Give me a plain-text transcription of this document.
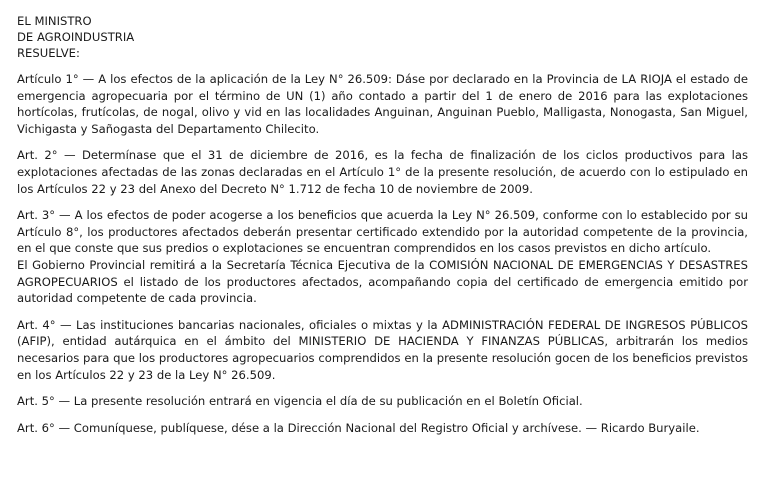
EL MINISTRO

DE AGROINDUSTRIA

RESUELVE:

Artículo 1° — A los efectos de la aplicación de la Ley N° 26.509: Dáse por declarado en la Provincia de LA RIOJA el estado de emergencia agropecuaria por el término de UN (1) año contado a partir del 1 de enero de 2016 para las explotaciones hortícolas, frutícolas, de nogal, olivo y vid en las localidades Anguinan, Anguinan Pueblo, Malligasta, Nonogasta, San Miguel, Vichigasta y Sañogasta del Departamento Chilecito.

Art. 2° — Determínase que el 31 de diciembre de 2016, es la fecha de finalización de los ciclos productivos para las explotaciones afectadas de las zonas declaradas en el Artículo 1° de la presente resolución, de acuerdo con lo estipulado en los Artículos 22 y 23 del Anexo del Decreto N° 1.712 de fecha 10 de noviembre de 2009.

Art. 3° — A los efectos de poder acogerse a los beneficios que acuerda la Ley N° 26.509, conforme con lo establecido por su Artículo 8°, los productores afectados deberán presentar certificado extendido por la autoridad competente de la provincia, en el que conste que sus predios o explotaciones se encuentran comprendidos en los casos previstos en dicho artículo.

El Gobierno Provincial remitirá a la Secretaría Técnica Ejecutiva de la COMISIÓN NACIONAL DE EMERGENCIAS Y DESASTRES AGROPECUARIOS el listado de los productores afectados, acompañando copia del certificado de emergencia emitido por autoridad competente de cada provincia.

Art. 4° — Las instituciones bancarias nacionales, oficiales o mixtas y la ADMINISTRACIÓN FEDERAL DE INGRESOS PÚBLICOS (AFIP), entidad autárquica en el ámbito del MINISTERIO DE HACIENDA Y FINANZAS PÚBLICAS, arbitrarán los medios necesarios para que los productores agropecuarios comprendidos en la presente resolución gocen de los beneficios previstos en los Artículos 22 y 23 de la Ley N° 26.509.

Art. 5° — La presente resolución entrará en vigencia el día de su publicación en el Boletín Oficial.

Art. 6° — Comuníquese, publíquese, dése a la Dirección Nacional del Registro Oficial y archívese. — Ricardo Buryaile.
